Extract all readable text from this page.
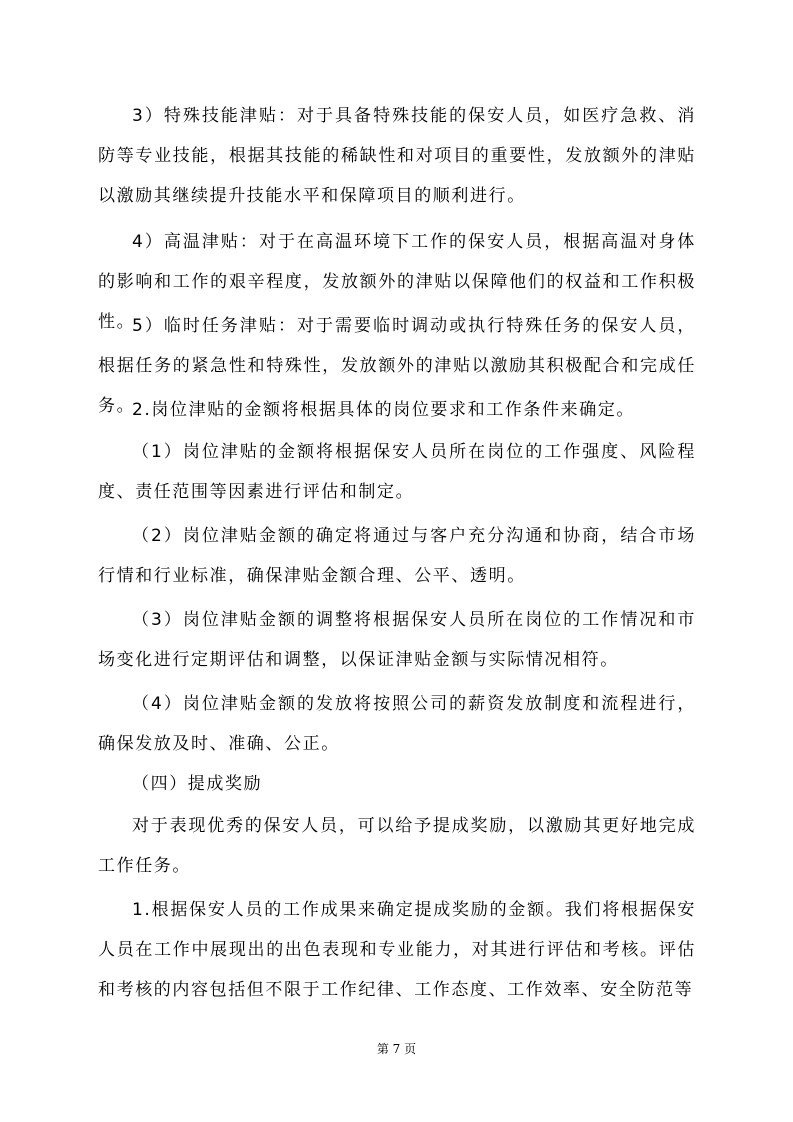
3）特殊技能津贴：对于具备特殊技能的保安人员，如医疗急救、消防等专业技能，根据其技能的稀缺性和对项目的重要性，发放额外的津贴以激励其继续提升技能水平和保障项目的顺利进行。

4）高温津贴：对于在高温环境下工作的保安人员，根据高温对身体的影响和工作的艰辛程度，发放额外的津贴以保障他们的权益和工作积极性。

5）临时任务津贴：对于需要临时调动或执行特殊任务的保安人员，根据任务的紧急性和特殊性，发放额外的津贴以激励其积极配合和完成任务。

2.岗位津贴的金额将根据具体的岗位要求和工作条件来确定。

（1）岗位津贴的金额将根据保安人员所在岗位的工作强度、风险程度、责任范围等因素进行评估和制定。

（2）岗位津贴金额的确定将通过与客户充分沟通和协商，结合市场行情和行业标准，确保津贴金额合理、公平、透明。

（3）岗位津贴金额的调整将根据保安人员所在岗位的工作情况和市场变化进行定期评估和调整，以保证津贴金额与实际情况相符。

（4）岗位津贴金额的发放将按照公司的薪资发放制度和流程进行，确保发放及时、准确、公正。

（四）提成奖励

对于表现优秀的保安人员，可以给予提成奖励，以激励其更好地完成工作任务。

1.根据保安人员的工作成果来确定提成奖励的金额。我们将根据保安人员在工作中展现出的出色表现和专业能力，对其进行评估和考核。评估和考核的内容包括但不限于工作纪律、工作态度、工作效率、安全防范等

第 7 页
